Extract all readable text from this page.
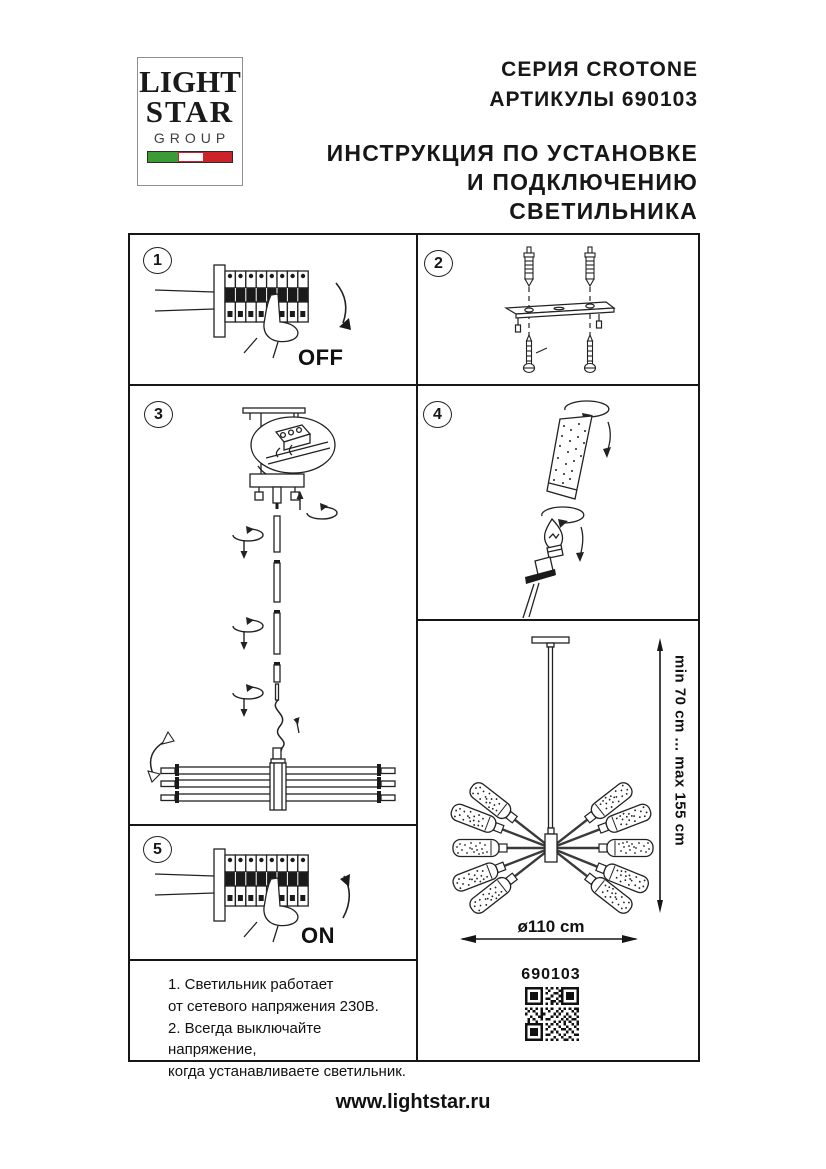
LIGHT
STAR
GROUP
СЕРИЯ CROTONE
АРТИКУЛЫ 690103
ИНСТРУКЦИЯ ПО УСТАНОВКЕ
И ПОДКЛЮЧЕНИЮ СВЕТИЛЬНИКА
1	2
3	4
5
OFF
ON
1. Светильник работает
от сетевого напряжения 230В.
2. Всегда выключайте напряжение,
когда устанавливаете светильник.
min 70 cm ... max 155 cm
ø110 cm
690103
www.lightstar.ru
